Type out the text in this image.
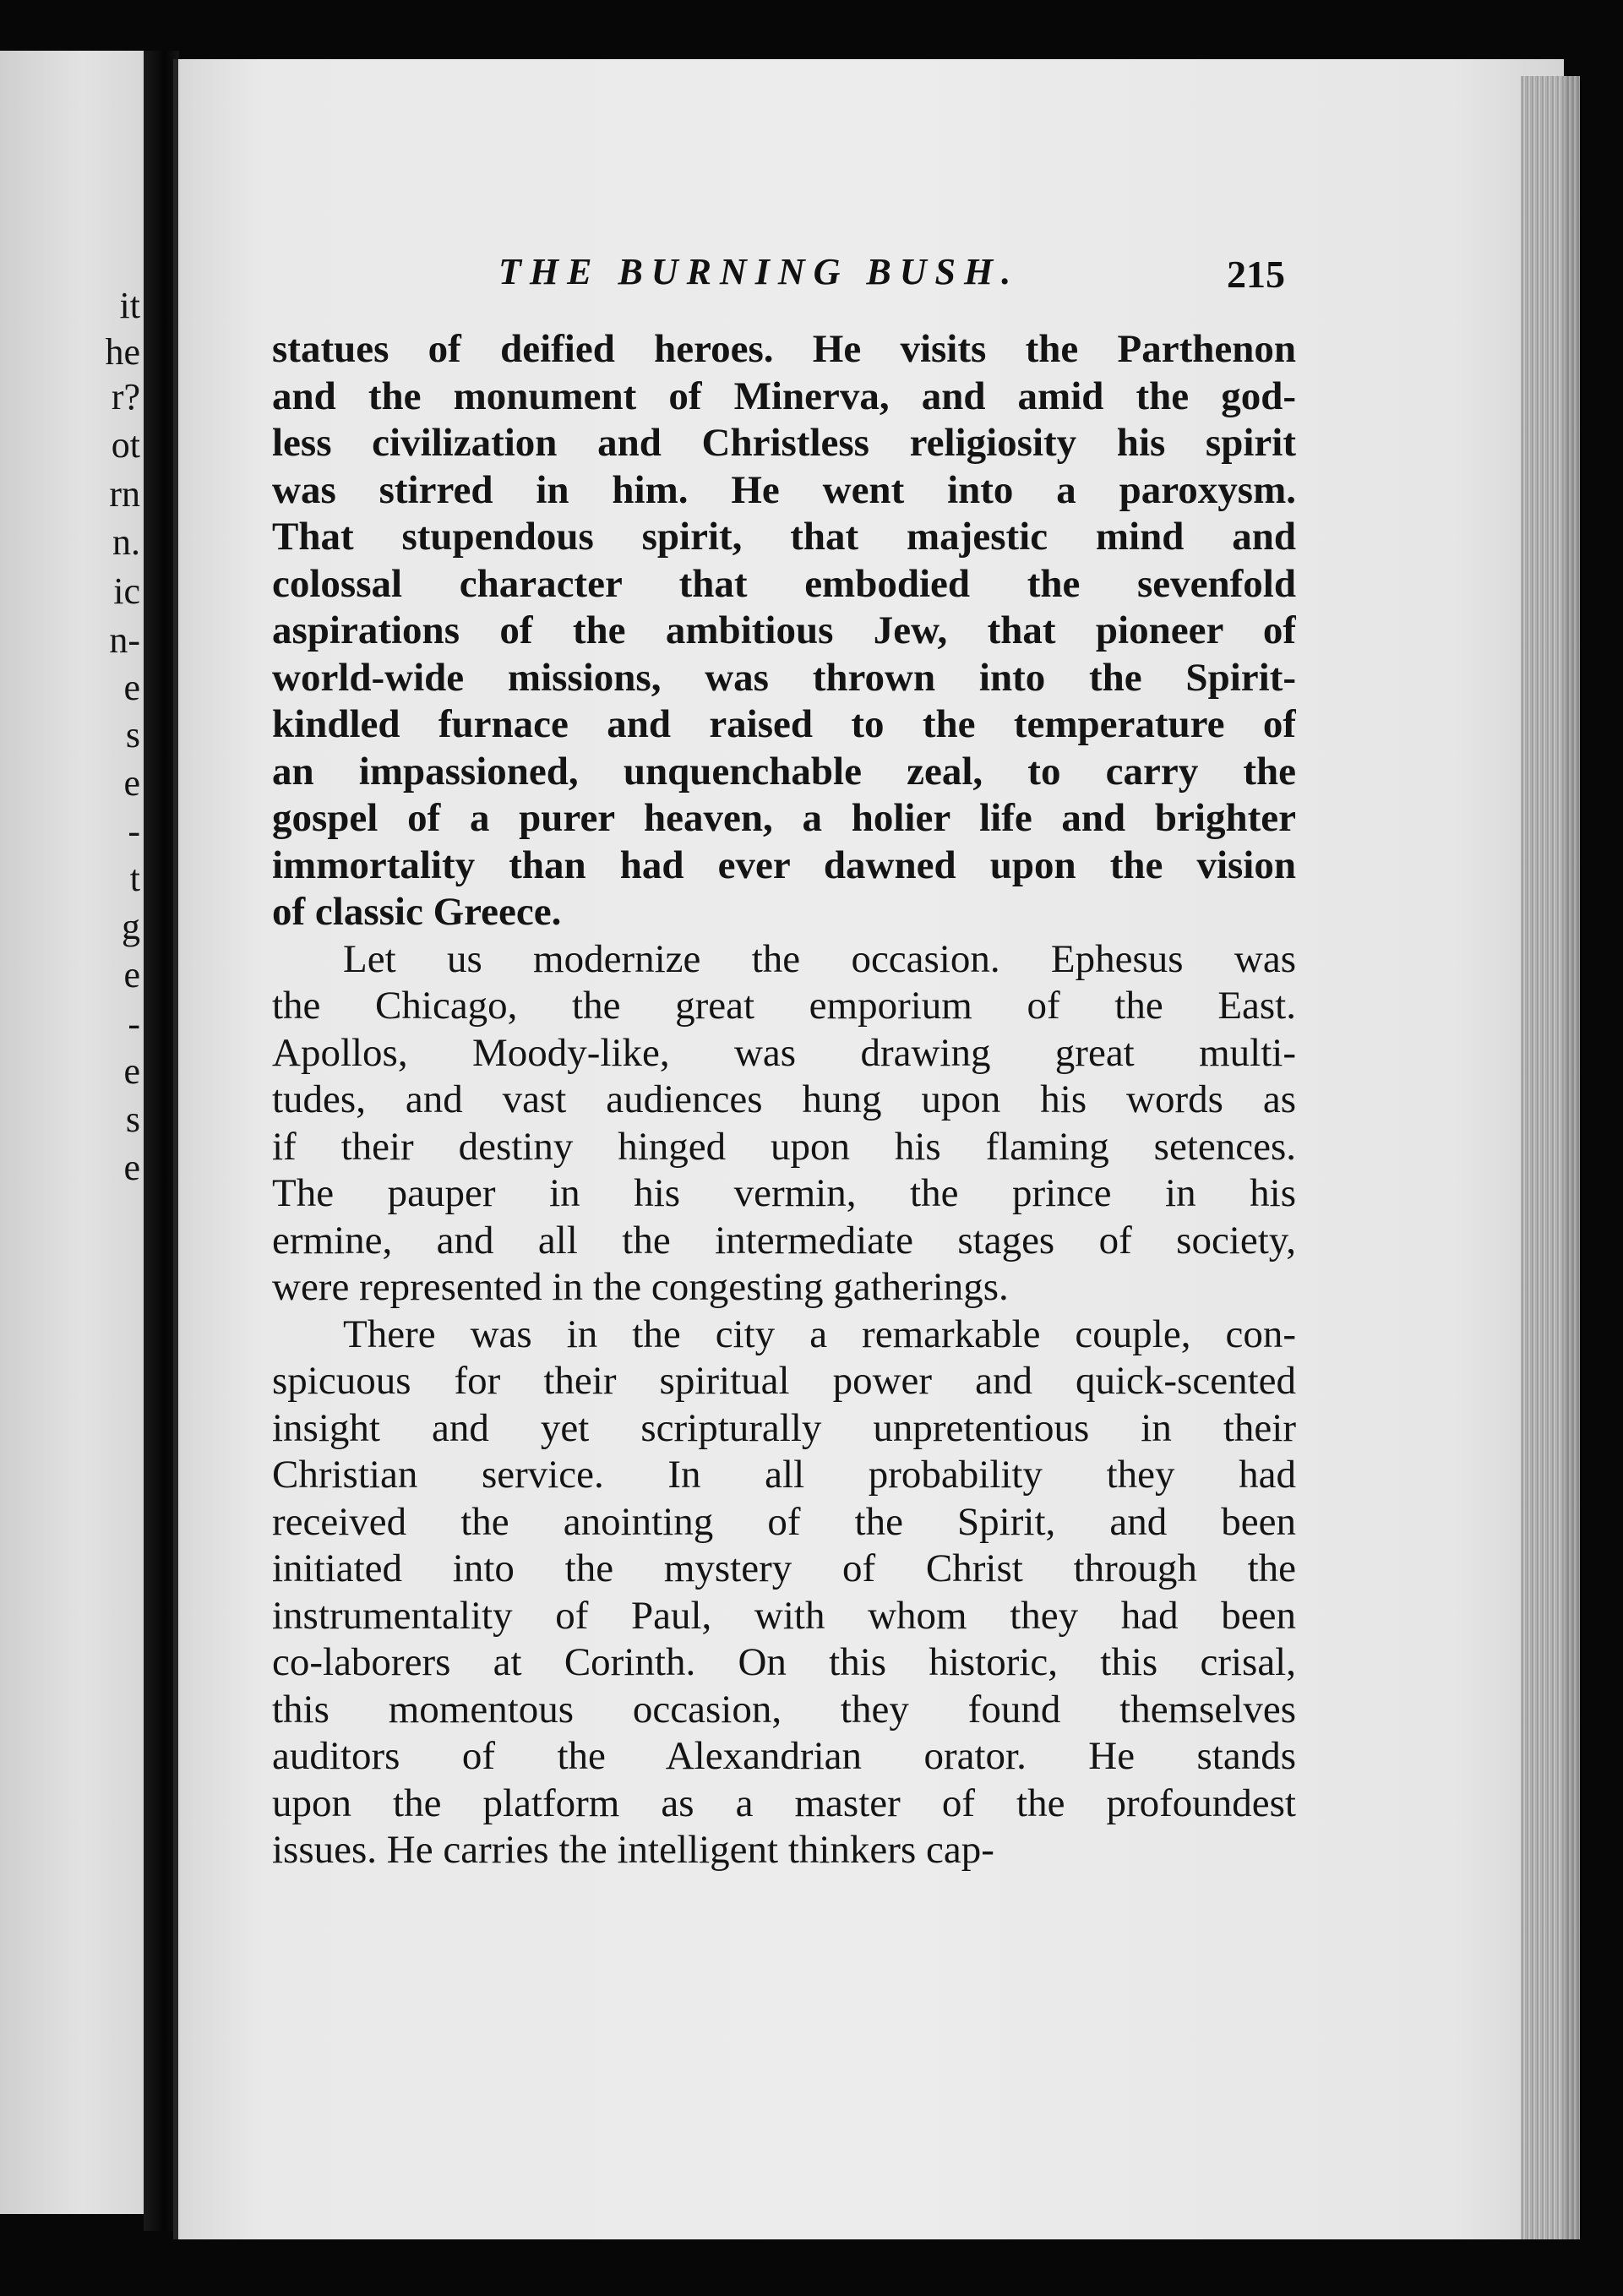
it
he
r?
ot
rn
n.
ic
n-
e
s
e
-
t
g
e
-
e
s
e
THE BURNING BUSH.	215
statues of deified heroes. He visits the Parthenon
and the monument of Minerva, and amid the god-
less civilization and Christless religiosity his spirit
was stirred in him. He went into a paroxysm.
That stupendous spirit, that majestic mind and
colossal character that embodied the sevenfold
aspirations of the ambitious Jew, that pioneer of
world-wide missions, was thrown into the Spirit-
kindled furnace and raised to the temperature of
an impassioned, unquenchable zeal, to carry the
gospel of a purer heaven, a holier life and brighter
immortality than had ever dawned upon the vision
of classic Greece.
Let us modernize the occasion. Ephesus was
the Chicago, the great emporium of the East.
Apollos, Moody-like, was drawing great multi-
tudes, and vast audiences hung upon his words as
if their destiny hinged upon his flaming setences.
The pauper in his vermin, the prince in his
ermine, and all the intermediate stages of society,
were represented in the congesting gatherings.
There was in the city a remarkable couple, con-
spicuous for their spiritual power and quick-scented
insight and yet scripturally unpretentious in their
Christian service. In all probability they had
received the anointing of the Spirit, and been
initiated into the mystery of Christ through the
instrumentality of Paul, with whom they had been
co-laborers at Corinth. On this historic, this crisal,
this momentous occasion, they found themselves
auditors of the Alexandrian orator. He stands
upon the platform as a master of the profoundest
issues. He carries the intelligent thinkers cap-
